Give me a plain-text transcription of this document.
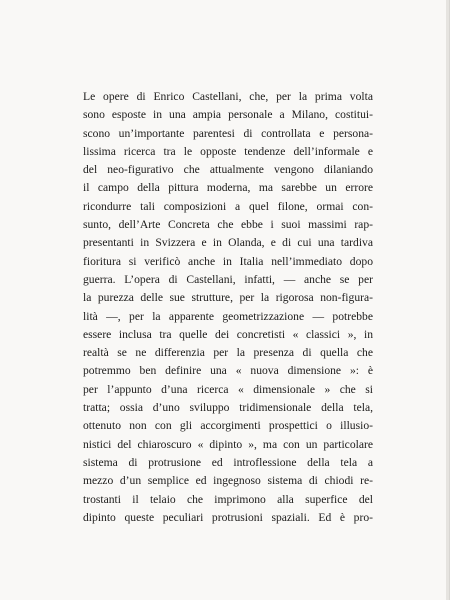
Le opere di Enrico Castellani, che, per la prima volta
sono esposte in una ampia personale a Milano, costitui-
scono un’importante parentesi di controllata e persona-
lissima ricerca tra le opposte tendenze dell’informale e
del neo-figurativo che attualmente vengono dilaniando
il campo della pittura moderna, ma sarebbe un errore
ricondurre tali composizioni a quel filone, ormai con-
sunto, dell’Arte Concreta che ebbe i suoi massimi rap-
presentanti in Svizzera e in Olanda, e di cui una tardiva
fioritura si verificò anche in Italia nell’immediato dopo
guerra. L’opera di Castellani, infatti, — anche se per
la purezza delle sue strutture, per la rigorosa non-figura-
lità —, per la apparente geometrizzazione — potrebbe
essere inclusa tra quelle dei concretisti « classici », in
realtà se ne differenzia per la presenza di quella che
potremmo ben definire una « nuova dimensione »: è
per l’appunto d’una ricerca « dimensionale » che si
tratta; ossia d’uno sviluppo tridimensionale della tela,
ottenuto non con gli accorgimenti prospettici o illusio-
nistici del chiaroscuro « dipinto », ma con un particolare
sistema di protrusione ed introflessione della tela a
mezzo d’un semplice ed ingegnoso sistema di chiodi re-
trostanti il telaio che imprimono alla superfice del
dipinto queste peculiari protrusioni spaziali. Ed è pro-
